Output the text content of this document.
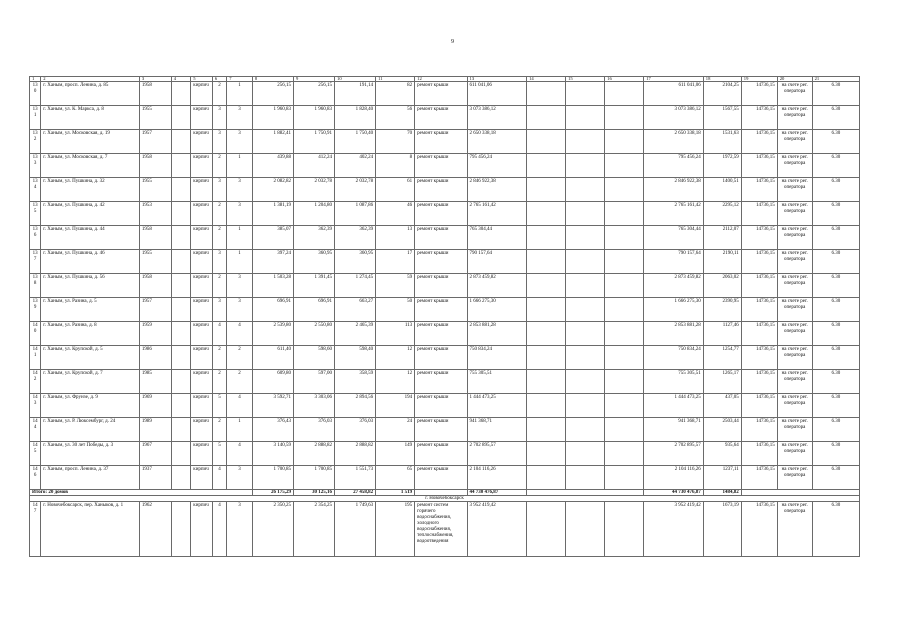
9
1	2	3	4	5	6	7	8	9	10	11	12	13	14	15	16	17	18	19	20	21
130	г. Ханым, просп. Ленина, д. 85	1958		кирпич	2	1	256,15	256,15	191,14	82	ремонт крыши	611 041,06				611 041,06	2104,25	14736,15	на счете рег. оператора	6.30
131	г. Ханым, ул. К. Маркса, д. 8	1955		кирпич	3	3	1 960,83	1 960,83	1 828,40	56	ремонт крыши	3 073 386,12				3 073 386,12	1567,55	14736,15	на счете рег. оператора	6.30
132	г. Ханым, ул. Московская, д. 19	1957		кирпич	3	3	1 882,41	1 750,91	1 750,40	70	ремонт крыши	2 650 338,18				2 650 338,18	1531,63	14736,15	на счете рег. оператора	6.30
133	г. Ханым, ул. Московская, д. 7	1958		кирпич	2	1	439,88	412,24	402,24	8	ремонт крыши	795 456,24				795 456,24	1972,59	14736,15	на счете рег. оператора	6.30
134	г. Ханым, ул. Пушкина, д. 32	1955		кирпич	3	3	2 082,82	2 032,78	2 032,78	61	ремонт крыши	2 846 922,38				2 846 922,38	1400,51	14736,15	на счете рег. оператора	6.30
135	г. Ханым, ул. Пушкина, д. 42	1953		кирпич	2	3	1 381,19	1 204,80	1 087,86	46	ремонт крыши	2 765 161,42				2 765 161,42	2295,12	14736,15	на счете рег. оператора	6.30
136	г. Ханым, ул. Пушкина, д. 44	1958		кирпич	2	1	385,07	362,39	362,39	13	ремонт крыши	765 304,44				765 304,44	2112,07	14736,15	на счете рег. оператора	6.30
137	г. Ханым, ул. Пушкина, д. 46	1955		кирпич	3	1	397,24	360,95	360,95	17	ремонт крыши	790 157,64				790 157,64	2190,11	14736,15	на счете рег. оператора	6.30
138	г. Ханым, ул. Пушкина, д. 56	1958		кирпич	2	3	1 503,28	1 391,45	1 274,45	59	ремонт крыши	2 873 459,82				2 873 459,82	2063,02	14736,15	на счете рег. оператора	6.30
139	г. Ханым, ул. Разина, д. 5	1957		кирпич	3	3	696,91	696,91	663,27	50	ремонт крыши	1 666 275,30				1 666 275,30	2390,95	14736,15	на счете рег. оператора	6.30
140	г. Ханым, ул. Разина, д. 8	1959		кирпич	4	4	2 539,80	2 550,80	2 465,39	113	ремонт крыши	2 853 881,28				2 853 881,28	1127,46	14736,15	на счете рег. оператора	6.30
141	г. Ханым, ул. Крупской, д. 5	1986		кирпич	2	2	611,40	598,60	598,40	12	ремонт крыши	750 834,24				750 834,24	1254,77	14736,15	на счете рег. оператора	6.30
142	г. Ханым, ул. Крупской, д. 7	1985		кирпич	2	2	609,80	597,00	358,59	12	ремонт крыши	755 305,51				755 305,51	1265,17	14736,15	на счете рег. оператора	6.30
143	г. Ханым, ул. Фрунзе, д. 9	1969		кирпич	5	4	3 592,71	3 303,06	2 894,56	194	ремонт крыши	1 444 473,25				1 444 473,25	437,05	14736,15	на счете рег. оператора	6.30
144	г. Ханым, ул. Р. Люксембург, д. 24	1989		кирпич	2	1	376,43	376,03	376,03	24	ремонт крыши	941 368,71				941 368,71	2503,44	14736,15	на счете рег. оператора	6.30
145	г. Ханым, ул. 30 лет Победы, д. 3	1967		кирпич	5	4	3 140,59	2 888,82	2 888,82	149	ремонт крыши	2 702 895,57				2 702 895,57	935,64	14736,15	на счете рег. оператора	6.30
146	г. Ханым, просп. Ленина, д. 37	1937		кирпич	4	3	1 700,85	1 700,85	1 551,73	65	ремонт крыши	2 104 116,26				2 104 116,26	1237,11	14736,15	на счете рег. оператора	6.30
Итого: 20 домов							26 175,29	30 125,16	27 458,82	1 519		44 730 476,87				44 730 476,87	1484,82			
г. Новочебоксарск																				
147	г. Новочебоксарск, пер. Ханыков, д. 1	1962		кирпич	4	3	2 350,25	2 354,25	1 749,63	195	ремонт систем горячего водоснабжения, холодного водоснабжения, теплоснабжения, водоотведения	3 952 419,42				3 952 419,42	1673,19	14736,15	на счете рег. оператора	6.30
